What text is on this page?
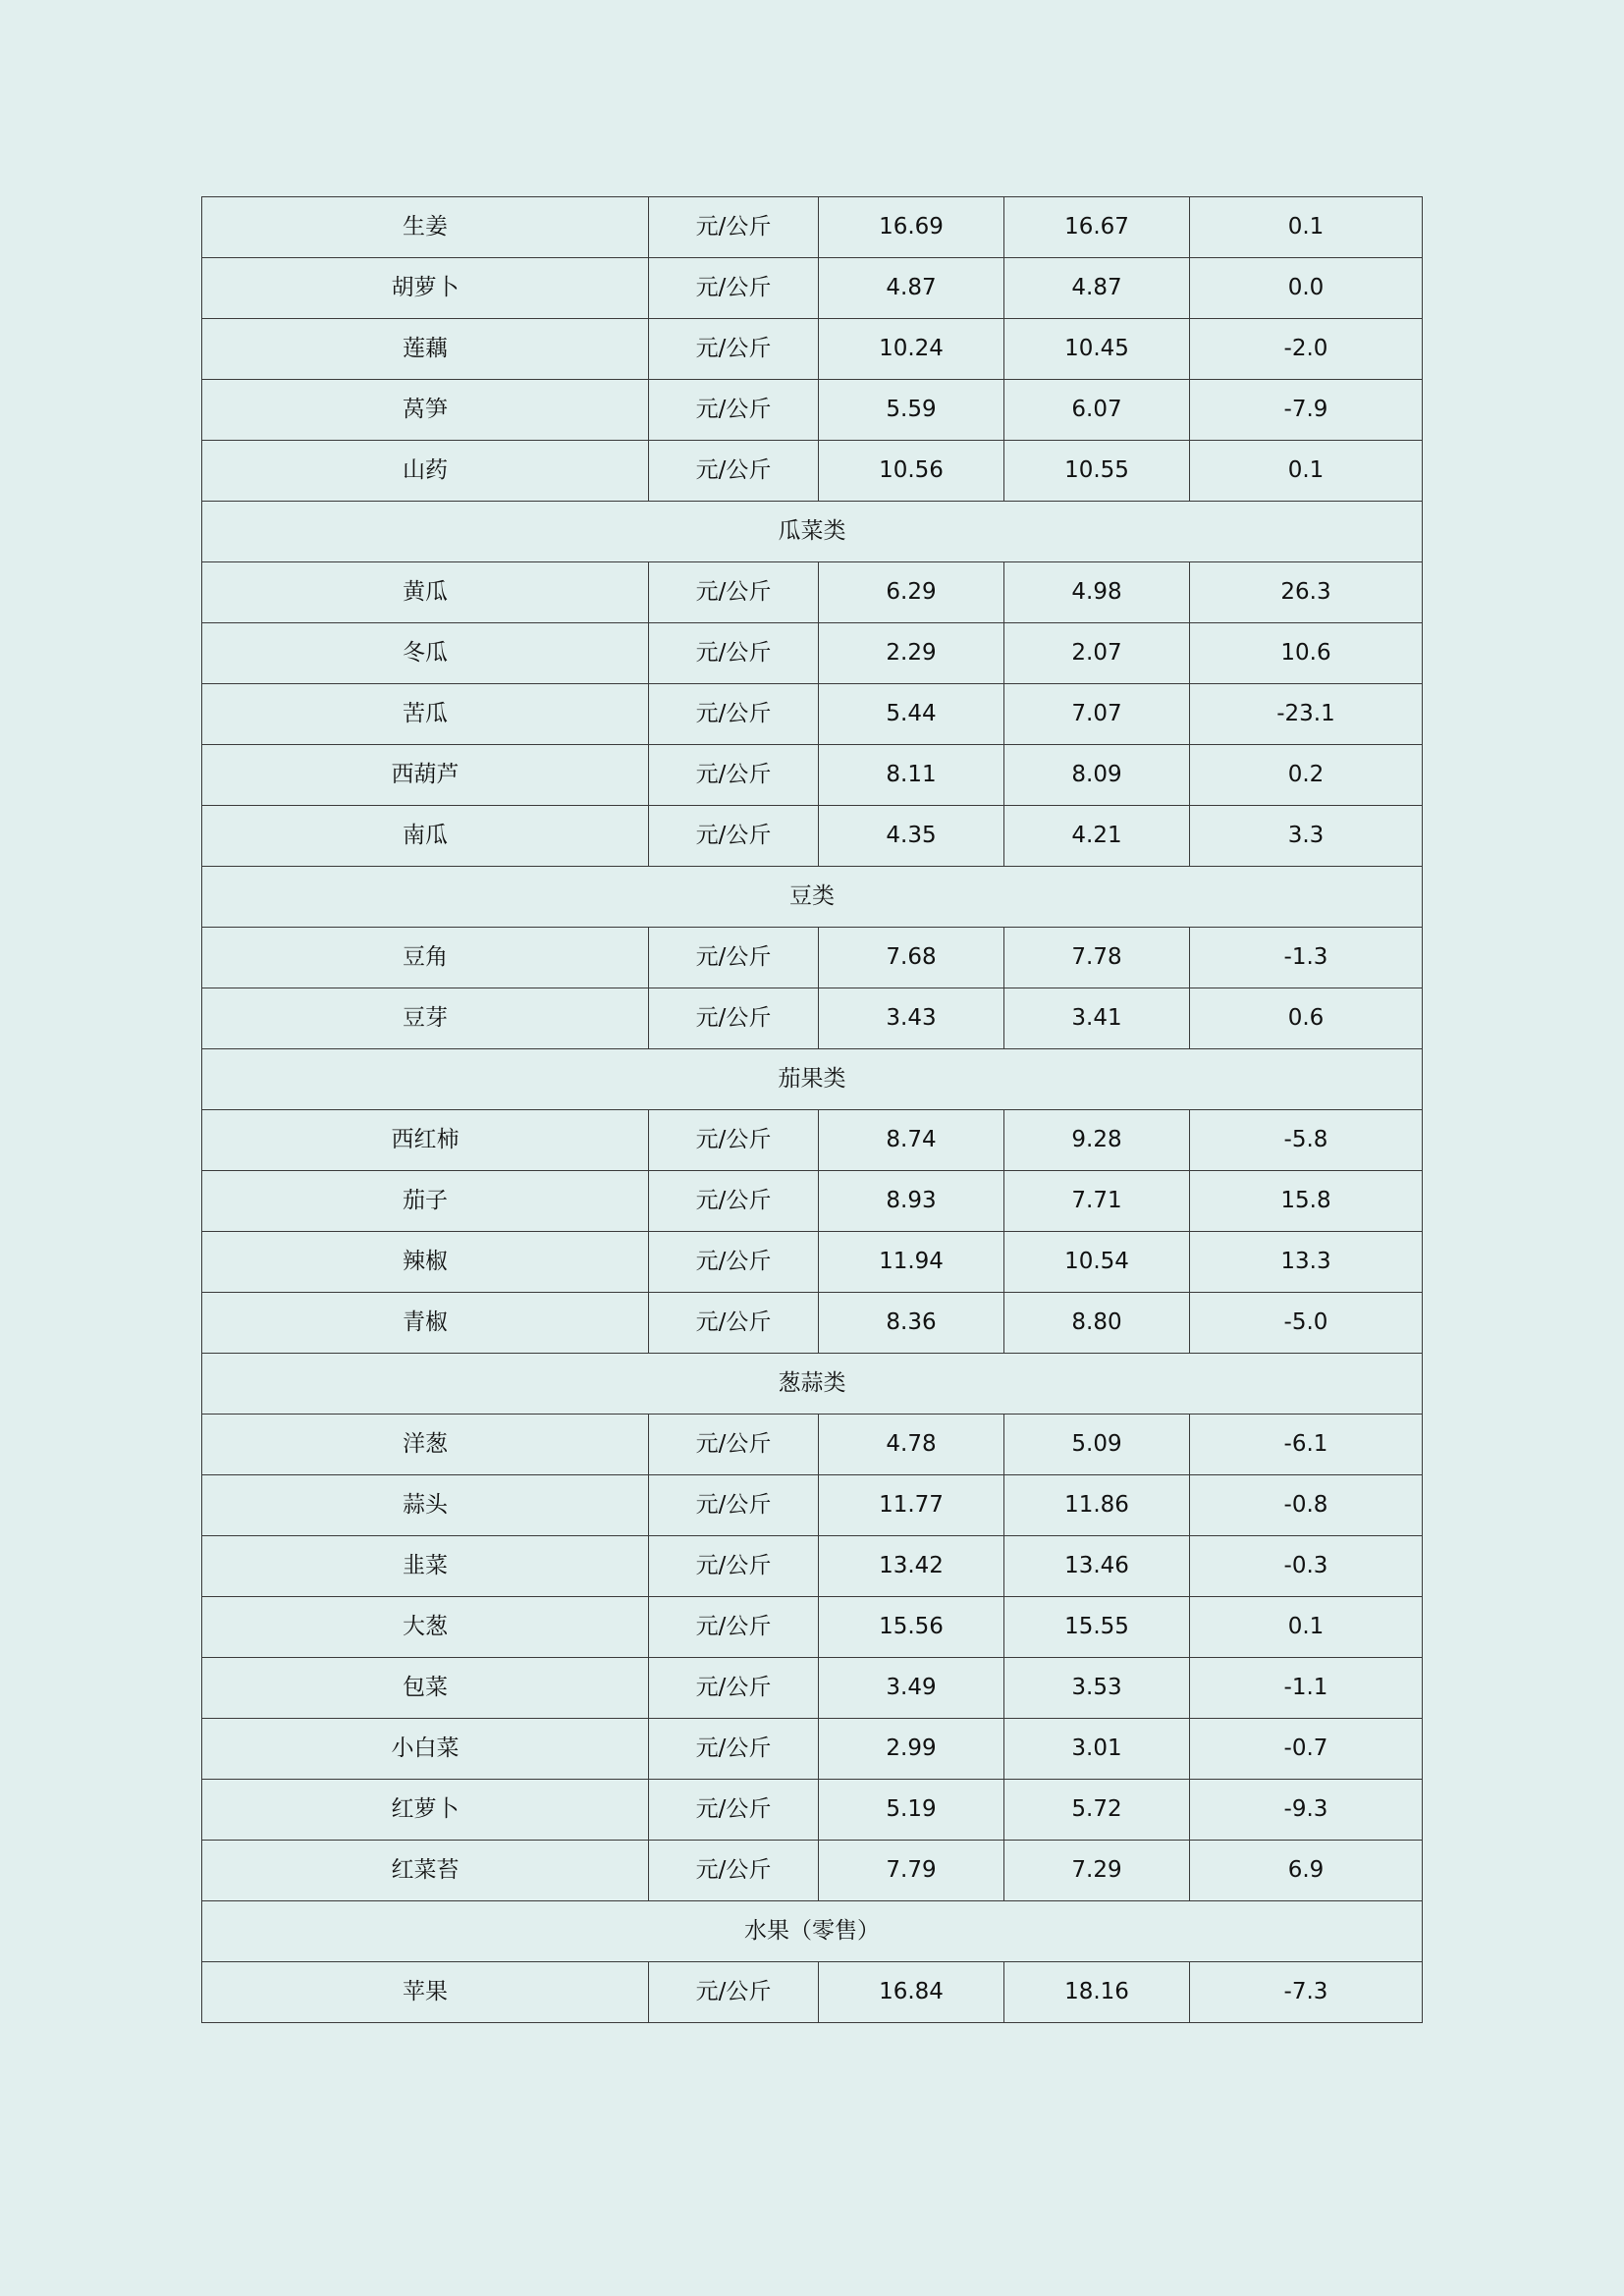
生姜	元/公斤	16.69	16.67	0.1
胡萝卜	元/公斤	4.87	4.87	0.0
莲藕	元/公斤	10.24	10.45	-2.0
莴笋	元/公斤	5.59	6.07	-7.9
山药	元/公斤	10.56	10.55	0.1
瓜菜类				
黄瓜	元/公斤	6.29	4.98	26.3
冬瓜	元/公斤	2.29	2.07	10.6
苦瓜	元/公斤	5.44	7.07	-23.1
西葫芦	元/公斤	8.11	8.09	0.2
南瓜	元/公斤	4.35	4.21	3.3
豆类				
豆角	元/公斤	7.68	7.78	-1.3
豆芽	元/公斤	3.43	3.41	0.6
茄果类				
西红柿	元/公斤	8.74	9.28	-5.8
茄子	元/公斤	8.93	7.71	15.8
辣椒	元/公斤	11.94	10.54	13.3
青椒	元/公斤	8.36	8.80	-5.0
葱蒜类				
洋葱	元/公斤	4.78	5.09	-6.1
蒜头	元/公斤	11.77	11.86	-0.8
韭菜	元/公斤	13.42	13.46	-0.3
大葱	元/公斤	15.56	15.55	0.1
包菜	元/公斤	3.49	3.53	-1.1
小白菜	元/公斤	2.99	3.01	-0.7
红萝卜	元/公斤	5.19	5.72	-9.3
红菜苔	元/公斤	7.79	7.29	6.9
水果（零售）				
苹果	元/公斤	16.84	18.16	-7.3
